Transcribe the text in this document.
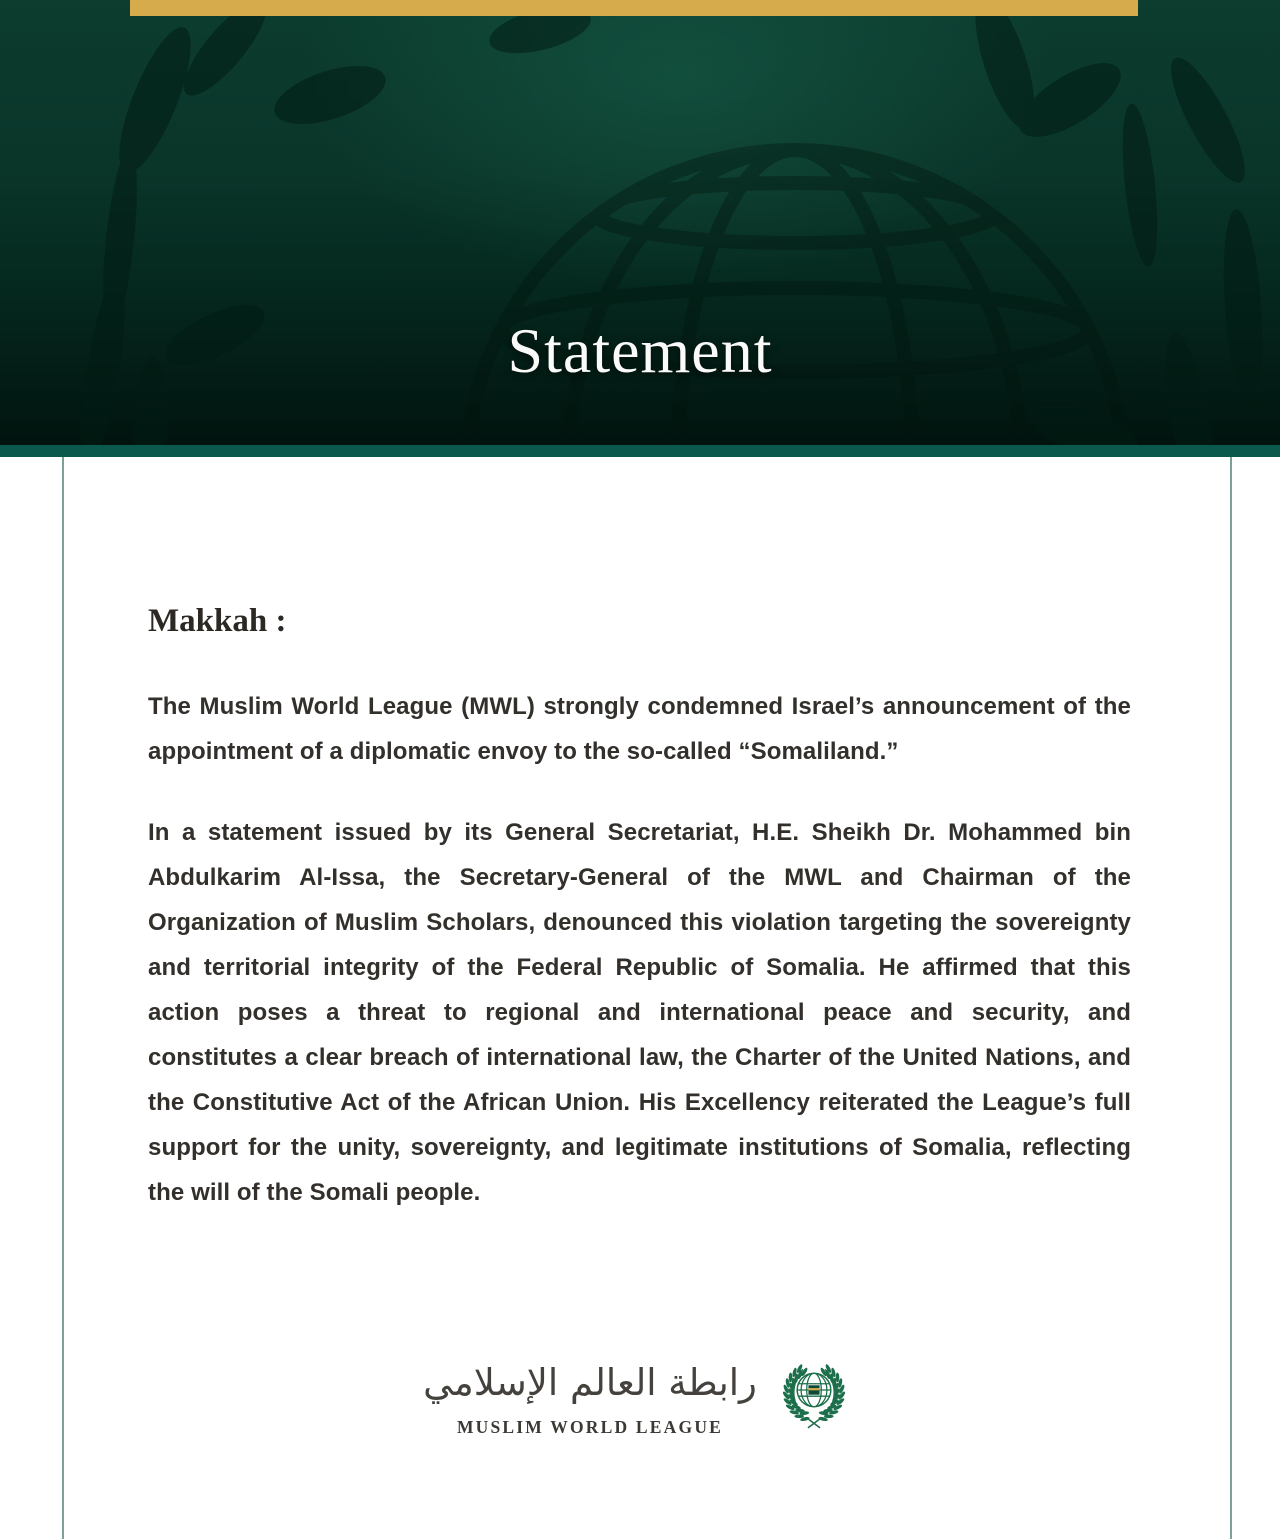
Statement
Makkah :

The Muslim World League (MWL) strongly condemned Israel’s announcement of the appointment of a diplomatic envoy to the so-called “Somaliland.”

In a statement issued by its General Secretariat, H.E. Sheikh Dr. Mohammed bin Abdulkarim Al-Issa, the Secretary-General of the MWL and Chairman of the Organization of Muslim Scholars, denounced this violation targeting the sovereignty and territorial integrity of the Federal Republic of Somalia. He affirmed that this action poses a threat to regional and international peace and security, and constitutes a clear breach of international law, the Charter of the United Nations, and the Constitutive Act of the African Union. His Excellency reiterated the League’s full support for the unity, sovereignty, and legitimate institutions of Somalia, reflecting the will of the Somali people.

رابطة العالم الإسلامي
MUSLIM WORLD LEAGUE
